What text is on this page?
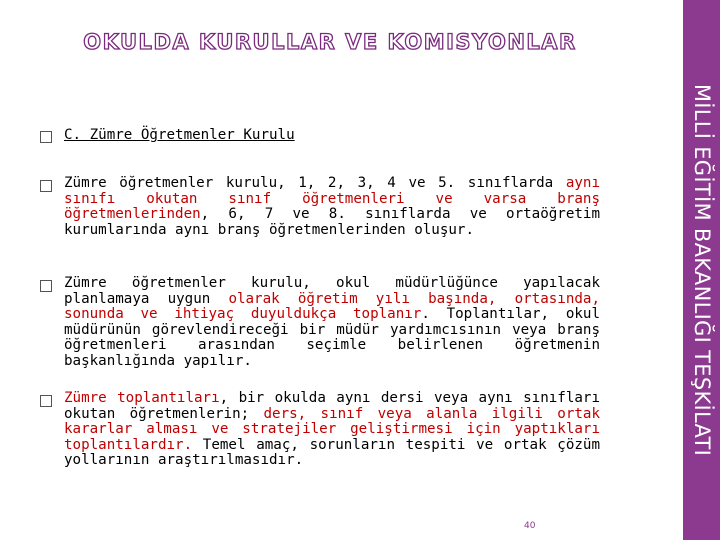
OKULDA KURULLAR VE KOMISYONLAR
MİLLİ EĞİTİM BAKANLIĞI TEŞKİLATI
C. Zümre Öğretmenler Kurulu
Zümre öğretmenler kurulu, 1, 2, 3, 4 ve 5. sınıflarda aynı sınıfı okutan sınıf öğretmenleri ve varsa branş öğretmenlerinden, 6, 7 ve 8. sınıflarda ve ortaöğretim kurumlarında aynı branş öğretmenlerinden oluşur.
Zümre öğretmenler kurulu, okul müdürlüğünce yapılacak planlamaya uygun olarak öğretim yılı başında, ortasında, sonunda ve ihtiyaç duyuldukça toplanır. Toplantılar, okul müdürünün görevlendireceği bir müdür yardımcısının veya branş öğretmenleri arasından seçimle belirlenen öğretmenin başkanlığında yapılır.
Zümre toplantıları, bir okulda aynı dersi veya aynı sınıfları okutan öğretmenlerin; ders, sınıf veya alanla ilgili ortak kararlar alması ve stratejiler geliştirmesi için yaptıkları toplantılardır. Temel amaç, sorunların tespiti ve ortak çözüm yollarının araştırılmasıdır.
40
